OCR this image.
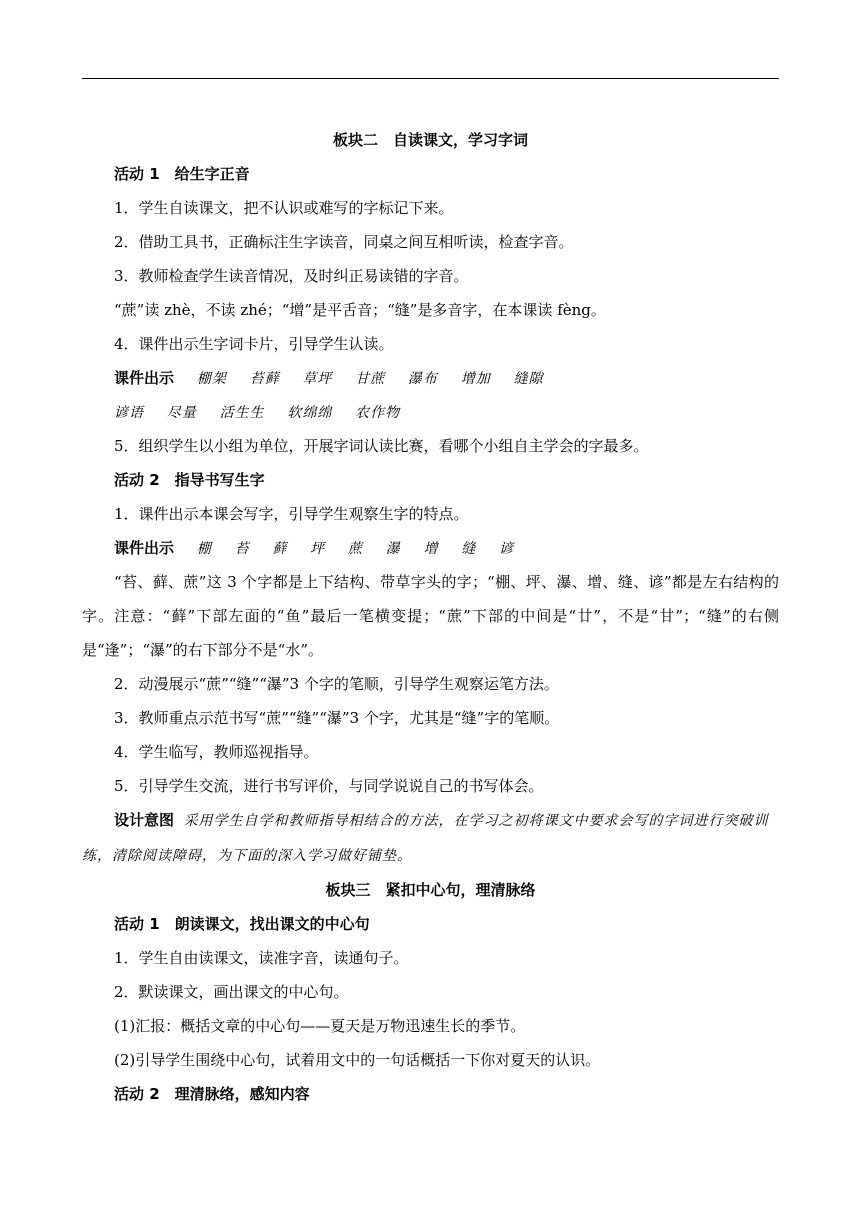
板块二　自读课文，学习字词
活动 1　给生字正音
1．学生自读课文，把不认识或难写的字标记下来。
2．借助工具书，正确标注生字读音，同桌之间互相听读，检查字音。
3．教师检查学生读音情况，及时纠正易读错的字音。
“蔗”读 zhè，不读 zhé；“增”是平舌音；“缝”是多音字，在本课读 fèng。
4．课件出示生字词卡片，引导学生认读。
课件出示 棚架 苔藓 草坪 甘蔗 瀑布 增加 缝隙
谚语 尽量 活生生 软绵绵 农作物
5．组织学生以小组为单位，开展字词认读比赛，看哪个小组自主学会的字最多。
活动 2　指导书写生字
1．课件出示本课会写字，引导学生观察生字的特点。
课件出示 棚 苔 藓 坪 蔗 瀑 增 缝 谚
“苔、藓、蔗”这 3 个字都是上下结构、带草字头的字；“棚、坪、瀑、增、缝、谚”都是左右结构的字。注意：“藓”下部左面的“鱼”最后一笔横变提；“蔗”下部的中间是“廿”，不是“甘”；“缝”的右侧是“逢”；“瀑”的右下部分不是“水”。
2．动漫展示“蔗”“缝”“瀑”3 个字的笔顺，引导学生观察运笔方法。
3．教师重点示范书写“蔗”“缝”“瀑”3 个字，尤其是“缝”字的笔顺。
4．学生临写，教师巡视指导。
5．引导学生交流，进行书写评价，与同学说说自己的书写体会。
设计意图 采用学生自学和教师指导相结合的方法，在学习之初将课文中要求会写的字词进行突破训练，清除阅读障碍，为下面的深入学习做好铺垫。
板块三　紧扣中心句，理清脉络
活动 1　朗读课文，找出课文的中心句
1．学生自由读课文，读准字音，读通句子。
2．默读课文，画出课文的中心句。
(1)汇报：概括文章的中心句——夏天是万物迅速生长的季节。
(2)引导学生围绕中心句，试着用文中的一句话概括一下你对夏天的认识。
活动 2　理清脉络，感知内容
